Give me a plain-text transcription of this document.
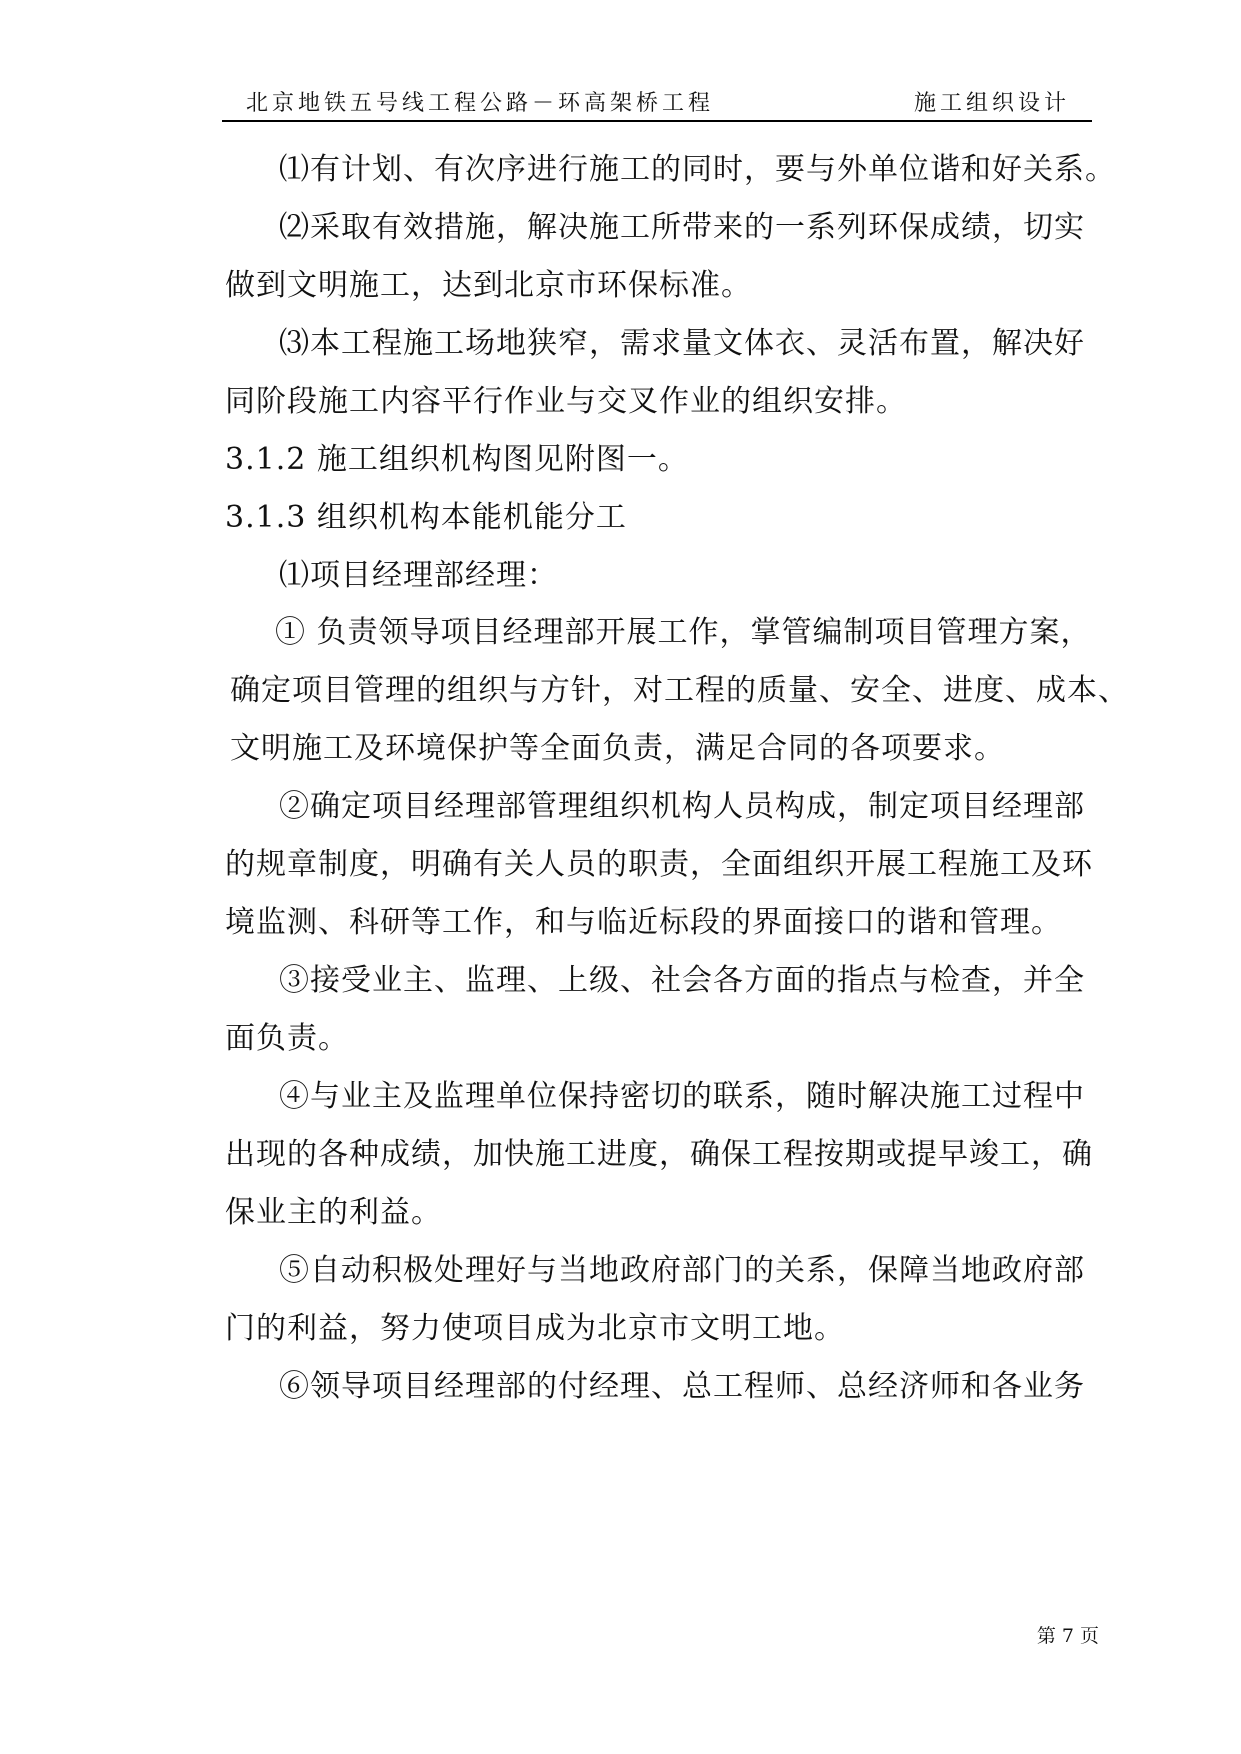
北京地铁五号线工程公路－环高架桥工程	施工组织设计
⑴有计划、有次序进行施工的同时，要与外单位谐和好关系。
⑵采取有效措施，解决施工所带来的一系列环保成绩，切实
做到文明施工，达到北京市环保标准。
⑶本工程施工场地狭窄，需求量文体衣、灵活布置，解决好
同阶段施工内容平行作业与交叉作业的组织安排。
3.1.2 施工组织机构图见附图一。
3.1.3 组织机构本能机能分工
⑴项目经理部经理：
① 负责领导项目经理部开展工作，掌管编制项目管理方案，
确定项目管理的组织与方针，对工程的质量、安全、进度、成本、
文明施工及环境保护等全面负责，满足合同的各项要求。
②确定项目经理部管理组织机构人员构成，制定项目经理部
的规章制度，明确有关人员的职责，全面组织开展工程施工及环
境监测、科研等工作，和与临近标段的界面接口的谐和管理。
③接受业主、监理、上级、社会各方面的指点与检查，并全
面负责。
④与业主及监理单位保持密切的联系，随时解决施工过程中
出现的各种成绩，加快施工进度，确保工程按期或提早竣工，确
保业主的利益。
⑤自动积极处理好与当地政府部门的关系，保障当地政府部
门的利益，努力使项目成为北京市文明工地。
⑥领导项目经理部的付经理、总工程师、总经济师和各业务
第 7 页
